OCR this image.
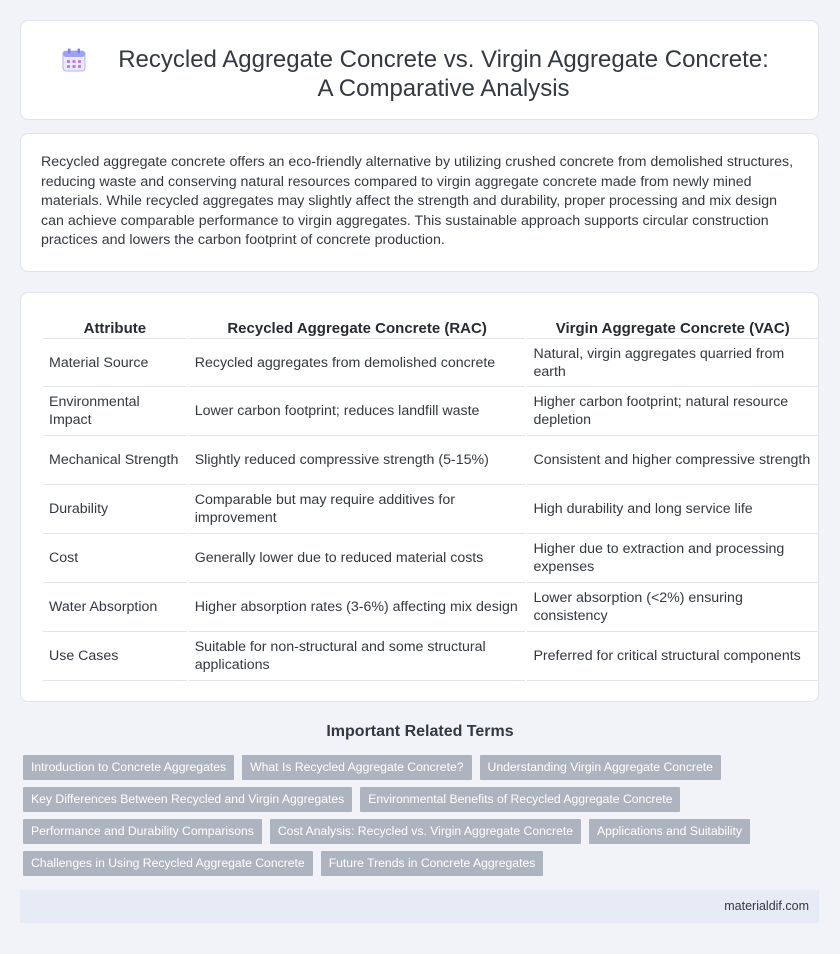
Recycled Aggregate Concrete vs. Virgin Aggregate Concrete: A Comparative Analysis

Recycled aggregate concrete offers an eco-friendly alternative by utilizing crushed concrete from demolished structures, reducing waste and conserving natural resources compared to virgin aggregate concrete made from newly mined materials. While recycled aggregates may slightly affect the strength and durability, proper processing and mix design can achieve comparable performance to virgin aggregates. This sustainable approach supports circular construction practices and lowers the carbon footprint of concrete production.

Attribute	Recycled Aggregate Concrete (RAC)	Virgin Aggregate Concrete (VAC)
Material Source	Recycled aggregates from demolished concrete	Natural, virgin aggregates quarried from earth
Environmental Impact	Lower carbon footprint; reduces landfill waste	Higher carbon footprint; natural resource depletion
Mechanical Strength	Slightly reduced compressive strength (5-15%)	Consistent and higher compressive strength
Durability	Comparable but may require additives for improvement	High durability and long service life
Cost	Generally lower due to reduced material costs	Higher due to extraction and processing expenses
Water Absorption	Higher absorption rates (3-6%) affecting mix design	Lower absorption (<2%) ensuring consistency
Use Cases	Suitable for non-structural and some structural applications	Preferred for critical structural components
Important Related Terms
Introduction to Concrete Aggregates	What Is Recycled Aggregate Concrete?	Understanding Virgin Aggregate Concrete
Key Differences Between Recycled and Virgin Aggregates	Environmental Benefits of Recycled Aggregate Concrete
Performance and Durability Comparisons	Cost Analysis: Recycled vs. Virgin Aggregate Concrete	Applications and Suitability
Challenges in Using Recycled Aggregate Concrete	Future Trends in Concrete Aggregates
materialdif.com
